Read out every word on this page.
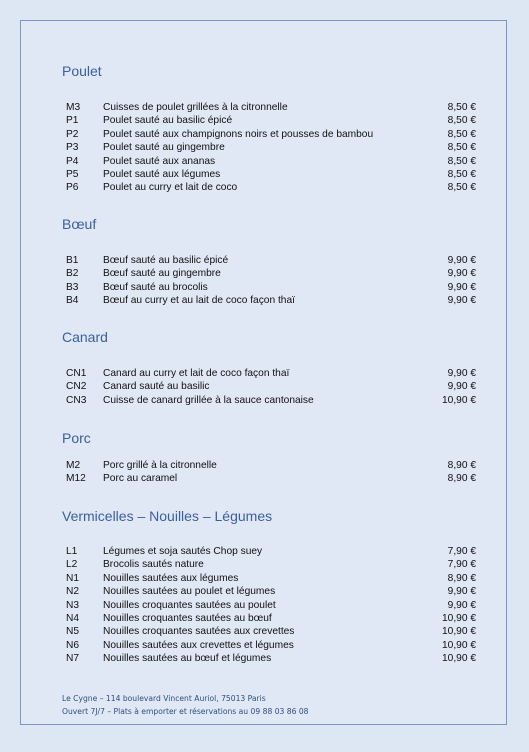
Poulet
M3 Cuisses de poulet grillées à la citronnelle	8,50 €
P1 Poulet sauté au basilic épicé	8,50 €
P2 Poulet sauté aux champignons noirs et pousses de bambou	8,50 €
P3 Poulet sauté au gingembre	8,50 €
P4 Poulet sauté aux ananas	8,50 €
P5 Poulet sauté aux légumes	8,50 €
P6 Poulet au curry et lait de coco	8,50 €
Bœuf
B1 Bœuf sauté au basilic épicé	9,90 €
B2 Bœuf sauté au gingembre	9,90 €
B3 Bœuf sauté au brocolis	9,90 €
B4 Bœuf au curry et au lait de coco façon thaï	9,90 €
Canard
CN1 Canard au curry et lait de coco façon thaï	9,90 €
CN2 Canard sauté au basilic	9,90 €
CN3 Cuisse de canard grillée à la sauce cantonaise	10,90 €
Porc
M2 Porc grillé à la citronnelle	8,90 €
M12 Porc au caramel	8,90 €
Vermicelles – Nouilles – Légumes
L1	Légumes et soja sautés Chop suey	7,90 €
L2	Brocolis sautés nature	7,90 €
N1 Nouilles sautées aux légumes	8,90 €
N2 Nouilles sautées au poulet et légumes	9,90 €
N3 Nouilles croquantes sautées au poulet	9,90 €
N4 Nouilles croquantes sautées au bœuf	10,90 €
N5 Nouilles croquantes sautées aux crevettes	10,90 €
N6 Nouilles sautées aux crevettes et légumes	10,90 €
N7 Nouilles sautées au bœuf et légumes	10,90 €
Le Cygne – 114 boulevard Vincent Auriol, 75013 Paris
Ouvert 7J/7 – Plats à emporter et réservations au 09 88 03 86 08
